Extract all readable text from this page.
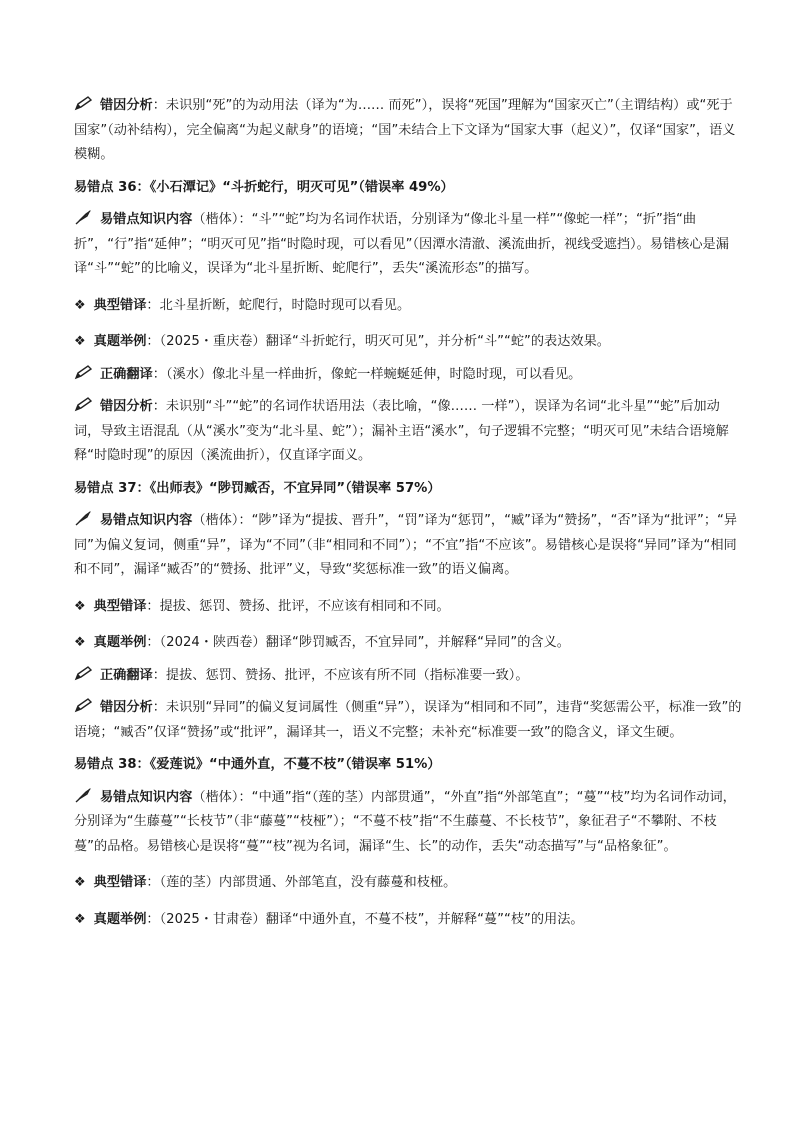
错因分析：未识别“死”的为动用法（译为“为…… 而死”），误将“死国”理解为“国家灭亡”（主谓结构）或“死于国家”（动补结构），完全偏离“为起义献身”的语境；“国”未结合上下文译为“国家大事（起义）”，仅译“国家”，语义模糊。

易错点 36：《小石潭记》“斗折蛇行，明灭可见”（错误率 49%）

易错点知识内容（楷体）：“斗”“蛇”均为名词作状语，分别译为“像北斗星一样”“像蛇一样”；“折”指“曲折”，“行”指“延伸”；“明灭可见”指“时隐时现，可以看见”（因潭水清澈、溪流曲折，视线受遮挡）。易错核心是漏译“斗”“蛇”的比喻义，误译为“北斗星折断、蛇爬行”，丢失“溪流形态”的描写。

❖ 典型错译：北斗星折断，蛇爬行，时隐时现可以看见。

❖ 真题举例：（2025・重庆卷）翻译“斗折蛇行，明灭可见”，并分析“斗”“蛇”的表达效果。

正确翻译：（溪水）像北斗星一样曲折，像蛇一样蜿蜒延伸，时隐时现，可以看见。

错因分析：未识别“斗”“蛇”的名词作状语用法（表比喻，“像…… 一样”），误译为名词“北斗星”“蛇”后加动词，导致主语混乱（从“溪水”变为“北斗星、蛇”）；漏补主语“溪水”，句子逻辑不完整；“明灭可见”未结合语境解释“时隐时现”的原因（溪流曲折），仅直译字面义。

易错点 37：《出师表》“陟罚臧否，不宜异同”（错误率 57%）

易错点知识内容（楷体）：“陟”译为“提拔、晋升”，“罚”译为“惩罚”，“臧”译为“赞扬”，“否”译为“批评”；“异同”为偏义复词，侧重“异”，译为“不同”（非“相同和不同”）；“不宜”指“不应该”。易错核心是误将“异同”译为“相同和不同”，漏译“臧否”的“赞扬、批评”义，导致“奖惩标准一致”的语义偏离。

❖ 典型错译：提拔、惩罚、赞扬、批评，不应该有相同和不同。

❖ 真题举例：（2024・陕西卷）翻译“陟罚臧否，不宜异同”，并解释“异同”的含义。

正确翻译：提拔、惩罚、赞扬、批评，不应该有所不同（指标准要一致）。

错因分析：未识别“异同”的偏义复词属性（侧重“异”），误译为“相同和不同”，违背“奖惩需公平，标准一致”的语境；“臧否”仅译“赞扬”或“批评”，漏译其一，语义不完整；未补充“标准要一致”的隐含义，译文生硬。

易错点 38：《爱莲说》“中通外直，不蔓不枝”（错误率 51%）

易错点知识内容（楷体）：“中通”指“（莲的茎）内部贯通”，“外直”指“外部笔直”；“蔓”“枝”均为名词作动词，分别译为“生藤蔓”“长枝节”（非“藤蔓”“枝桠”）；“不蔓不枝”指“不生藤蔓、不长枝节”，象征君子“不攀附、不枝蔓”的品格。易错核心是误将“蔓”“枝”视为名词，漏译“生、长”的动作，丢失“动态描写”与“品格象征”。

❖ 典型错译：（莲的茎）内部贯通、外部笔直，没有藤蔓和枝桠。

❖ 真题举例：（2025・甘肃卷）翻译“中通外直，不蔓不枝”，并解释“蔓”“枝”的用法。
